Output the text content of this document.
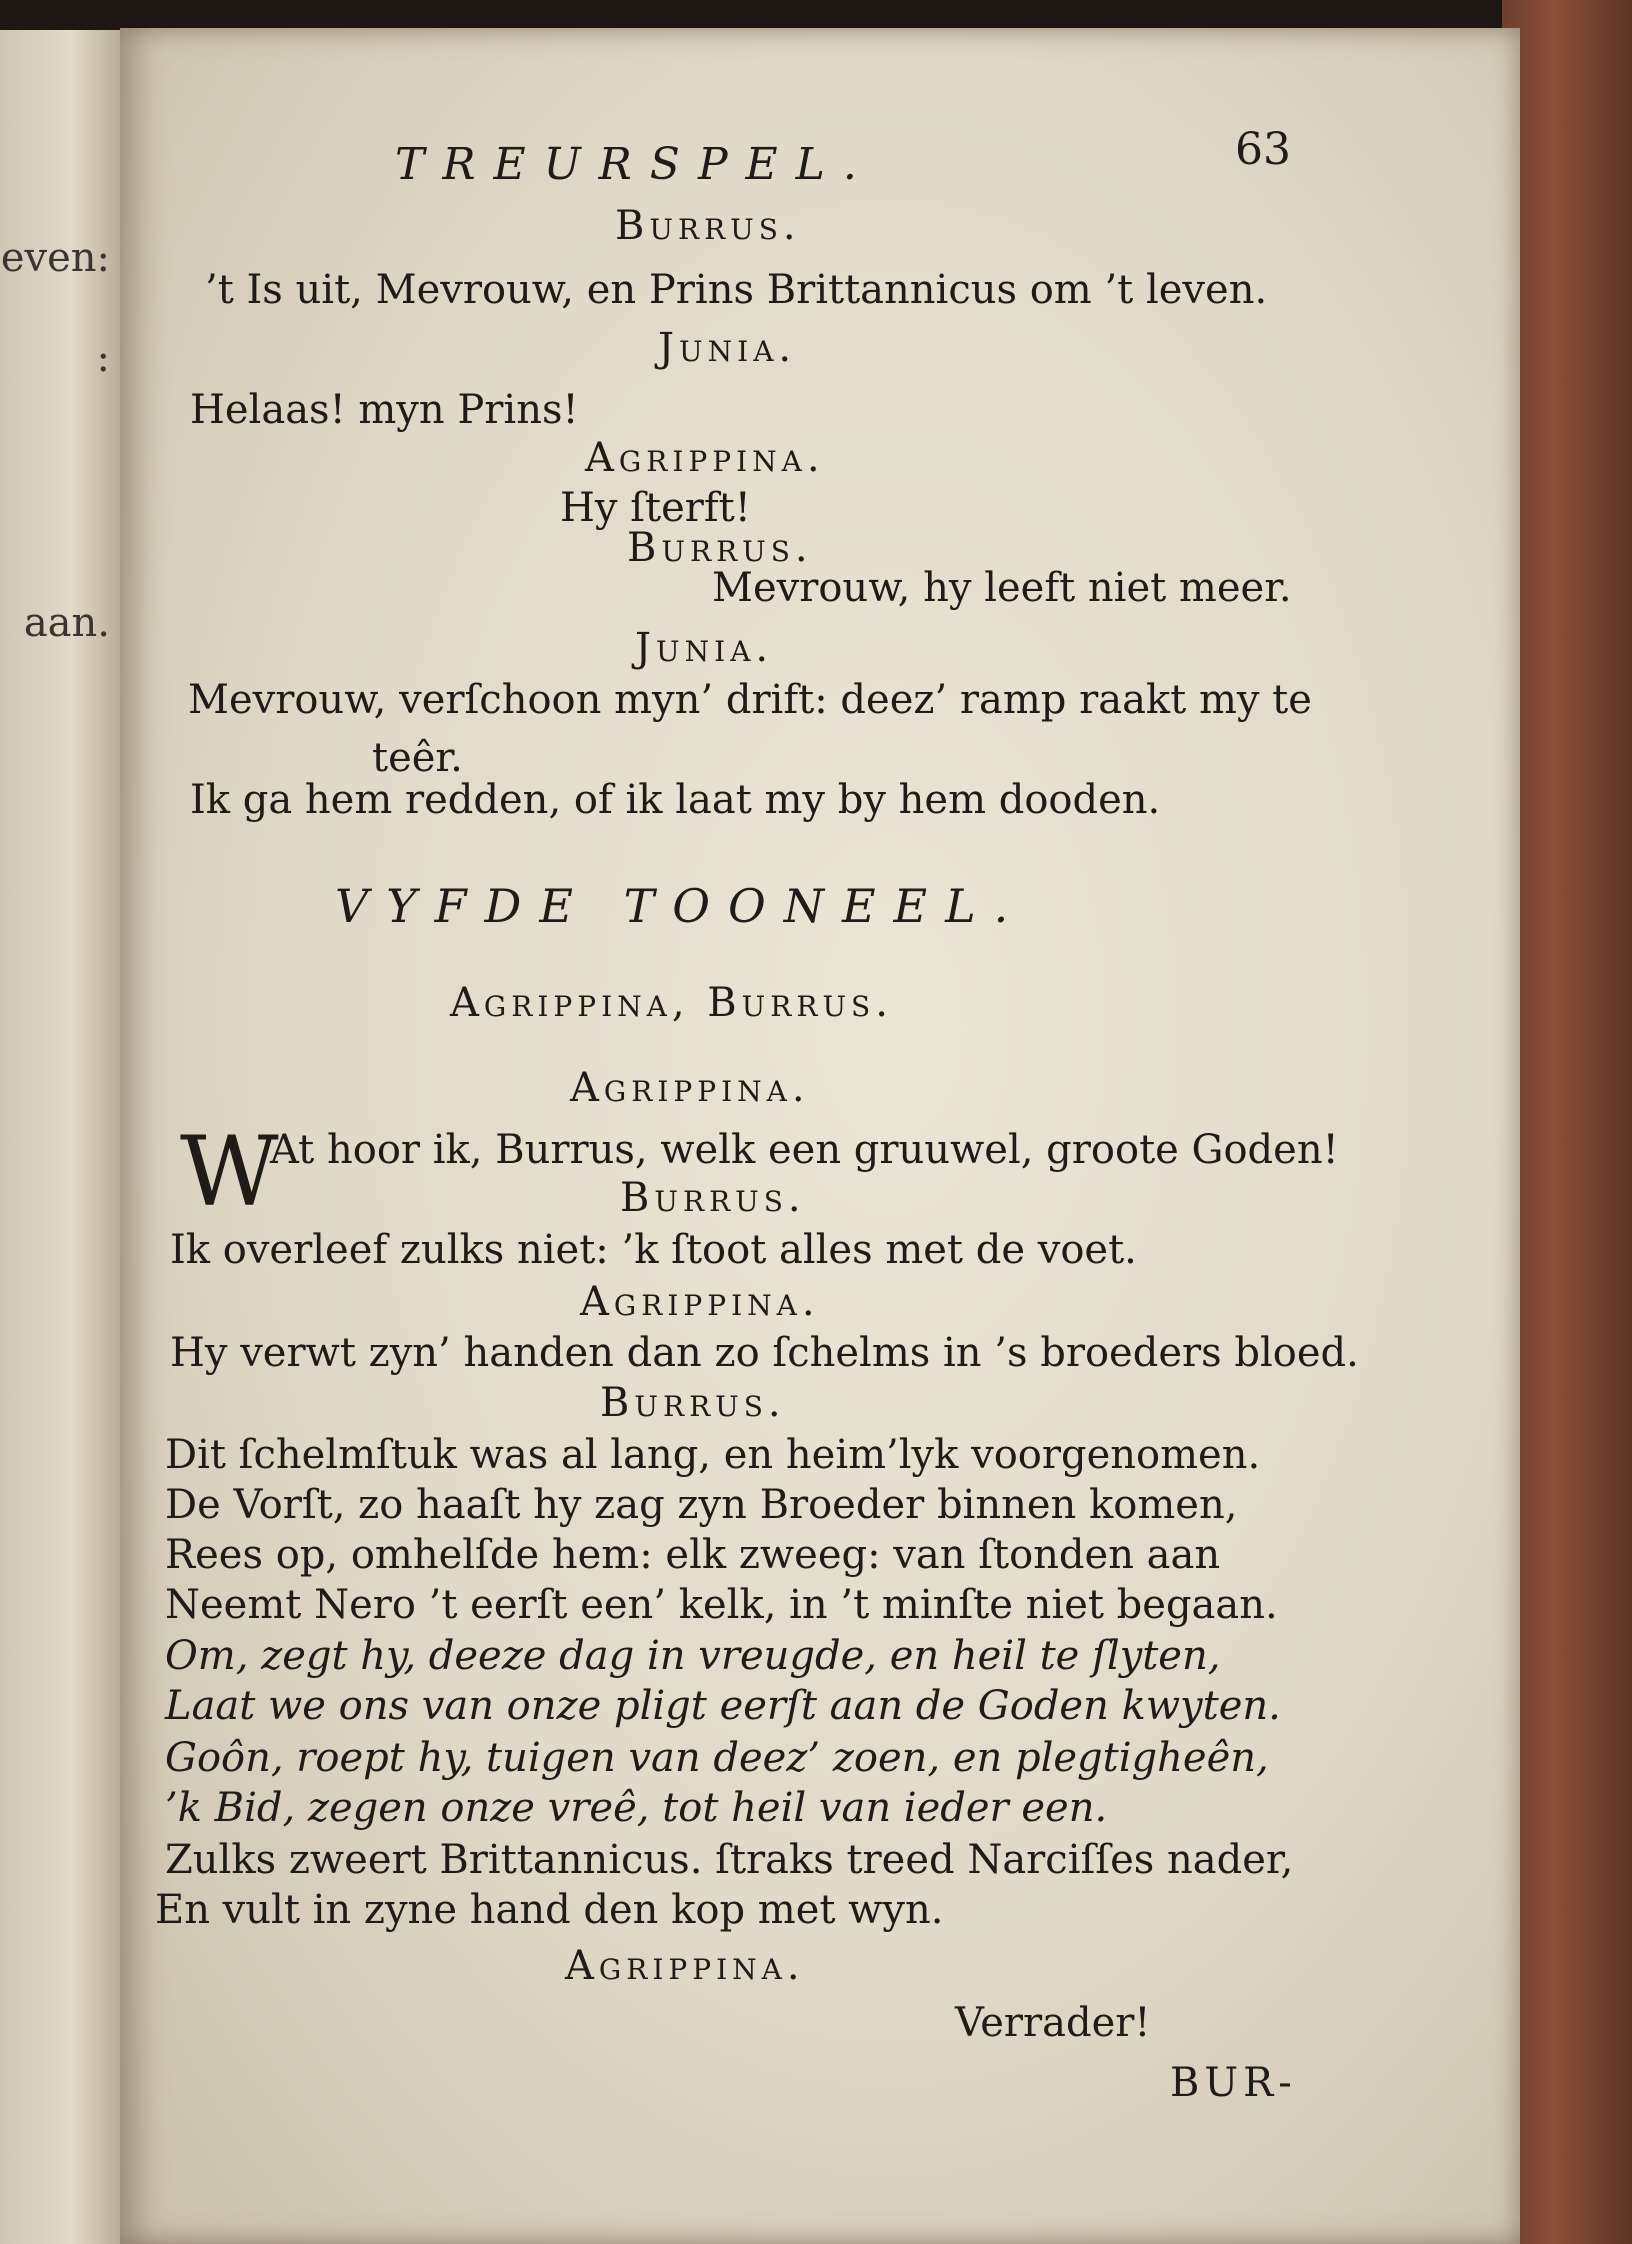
even:
:
aan.
TREURSPEL.	63
Burrus.
’t Is uit, Mevrouw, en Prins Brittannicus om ’t leven.
Junia.
Helaas! myn Prins!
Agrippina.
Hy ſterft!
Burrus.
Mevrouw, hy leeft niet meer.
Junia.
Mevrouw, verſchoon myn’ drift: deez’ ramp raakt my te
teêr.
Ik ga hem redden, of ik laat my by hem dooden.
VYFDE TOONEEL.
Agrippina, Burrus.
Agrippina.
W
At hoor ik, Burrus, welk een gruuwel, groote Goden!
Burrus.
Ik overleef zulks niet: ’k ſtoot alles met de voet.
Agrippina.
Hy verwt zyn’ handen dan zo ſchelms in ’s broeders bloed.
Burrus.
Dit ſchelmſtuk was al lang, en heim’lyk voorgenomen.
De Vorſt, zo haaſt hy zag zyn Broeder binnen komen,
Rees op, omhelſde hem: elk zweeg: van ſtonden aan
Neemt Nero ’t eerſt een’ kelk, in ’t minſte niet begaan.
Om, zegt hy, deeze dag in vreugde, en heil te ſlyten,
Laat we ons van onze pligt eerſt aan de Goden kwyten.
Goôn, roept hy, tuigen van deez’ zoen, en plegtigheên,
’k Bid, zegen onze vreê, tot heil van ieder een.
Zulks zweert Brittannicus. ſtraks treed Narciſſes nader,
En vult in zyne hand den kop met wyn.
Agrippina.
Verrader!
BUR-
